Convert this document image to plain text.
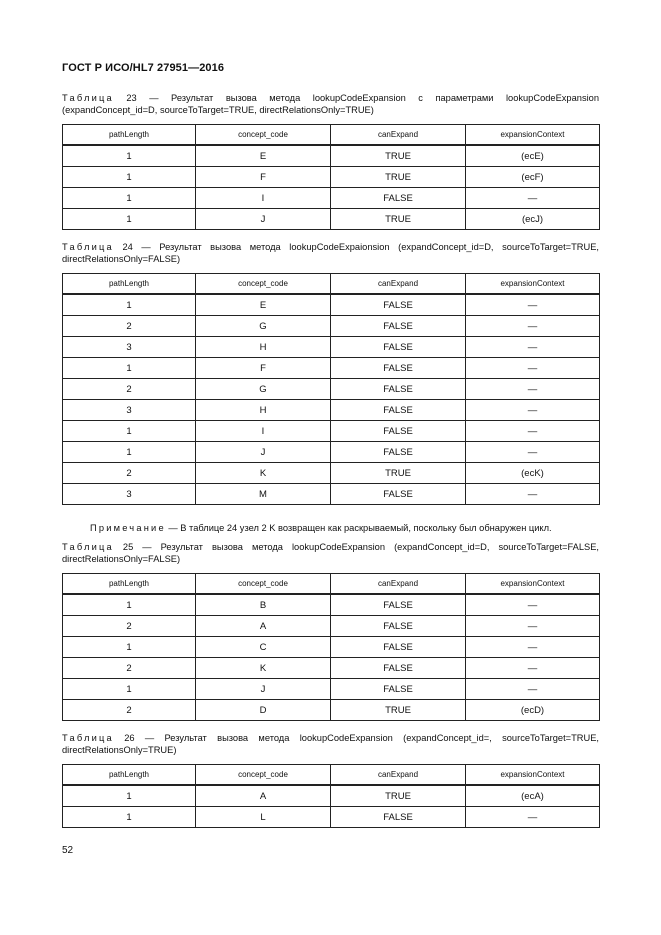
ГОСТ Р ИСО/HL7 27951—2016
Таблица 23 — Результат вызова метода lookupCodeExpansion с параметрами lookupCodeExpansion (expandConcept_id=D, sourceToTarget=TRUE, directRelationsOnly=TRUE)
pathLength	concept_code	canExpand	expansionContext
1	E	TRUE	(ecE)
1	F	TRUE	(ecF)
1	I	FALSE	—
1	J	TRUE	(ecJ)
Таблица 24 — Результат вызова метода lookupCodeExpaionsion (expandConcept_id=D, sourceToTarget=TRUE, directRelationsOnly=FALSE)
pathLength	concept_code	canExpand	expansionContext
1	E	FALSE	—
2	G	FALSE	—
3	H	FALSE	—
1	F	FALSE	—
2	G	FALSE	—
3	H	FALSE	—
1	I	FALSE	—
1	J	FALSE	—
2	K	TRUE	(ecK)
3	M	FALSE	—
Примечание — В таблице 24 узел 2 K возвращен как раскрываемый, поскольку был обнаружен цикл.
Таблица 25 — Результат вызова метода lookupCodeExpansion (expandConcept_id=D, sourceToTarget=FALSE, directRelationsOnly=FALSE)
pathLength	concept_code	canExpand	expansionContext
1	B	FALSE	—
2	A	FALSE	—
1	C	FALSE	—
2	K	FALSE	—
1	J	FALSE	—
2	D	TRUE	(ecD)
Таблица 26 — Результат вызова метода lookupCodeExpansion (expandConcept_id=, sourceToTarget=TRUE, directRelationsOnly=TRUE)
pathLength	concept_code	canExpand	expansionContext
1	A	TRUE	(ecA)
1	L	FALSE	—
52
